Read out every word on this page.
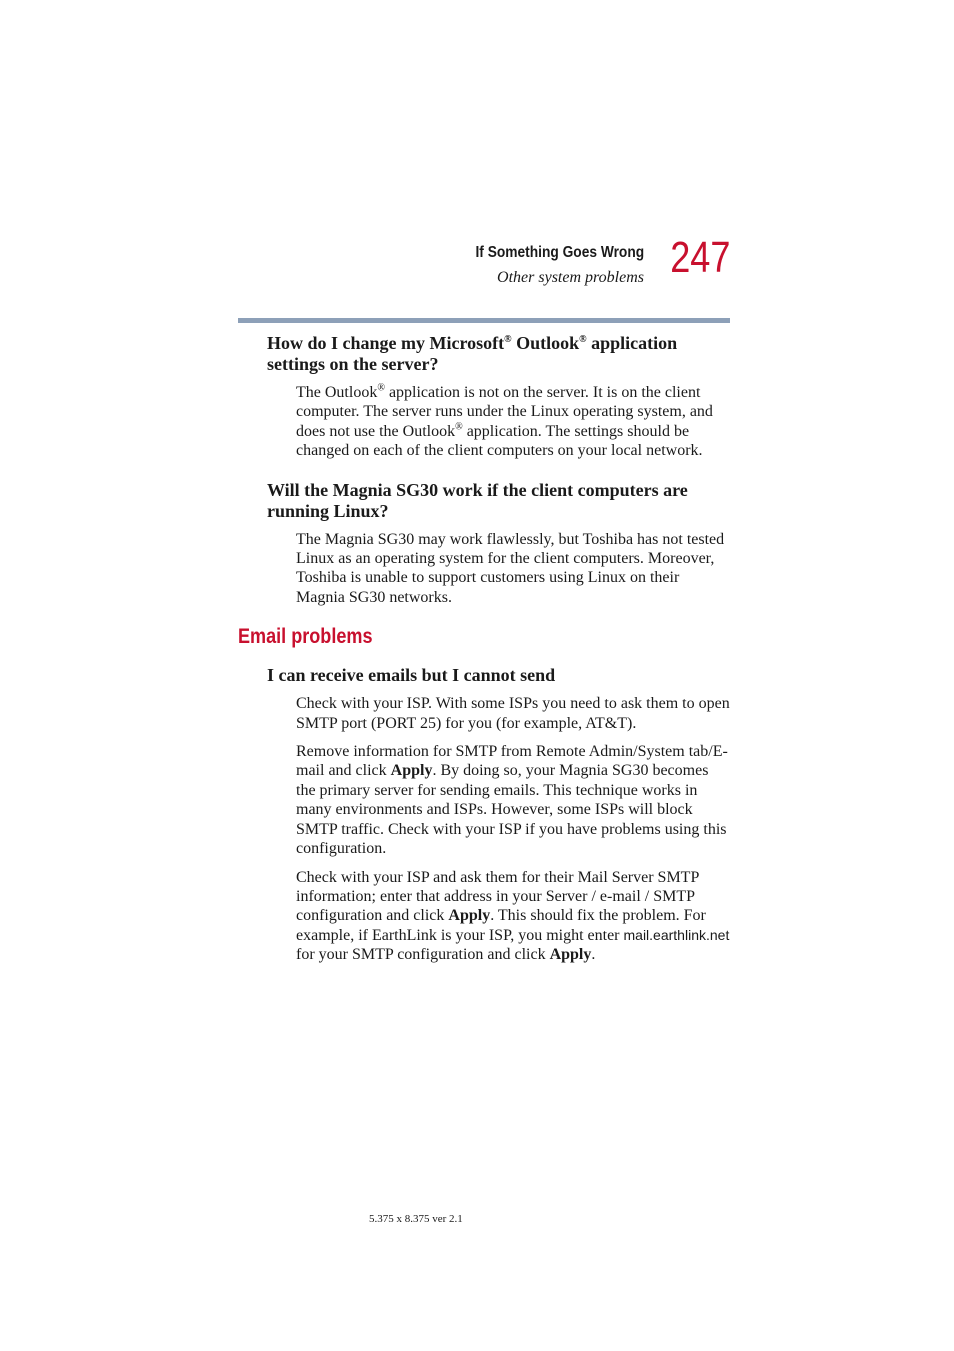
If Something Goes Wrong
Other system problems 247

How do I change my Microsoft® Outlook® application settings on the server?

The Outlook® application is not on the server. It is on the client computer. The server runs under the Linux operating system, and does not use the Outlook® application. The settings should be changed on each of the client computers on your local network.

Will the Magnia SG30 work if the client computers are running Linux?

The Magnia SG30 may work flawlessly, but Toshiba has not tested Linux as an operating system for the client computers. Moreover, Toshiba is unable to support customers using Linux on their Magnia SG30 networks.

Email problems

I can receive emails but I cannot send

Check with your ISP. With some ISPs you need to ask them to open SMTP port (PORT 25) for you (for example, AT&T).

Remove information for SMTP from Remote Admin/System tab/E-mail and click Apply. By doing so, your Magnia SG30 becomes the primary server for sending emails. This technique works in many environments and ISPs. However, some ISPs will block SMTP traffic. Check with your ISP if you have problems using this configuration.

Check with your ISP and ask them for their Mail Server SMTP information; enter that address in your Server / e-mail / SMTP configuration and click Apply. This should fix the problem. For example, if EarthLink is your ISP, you might enter mail.earthlink.net for your SMTP configuration and click Apply.

5.375 x 8.375 ver 2.1
